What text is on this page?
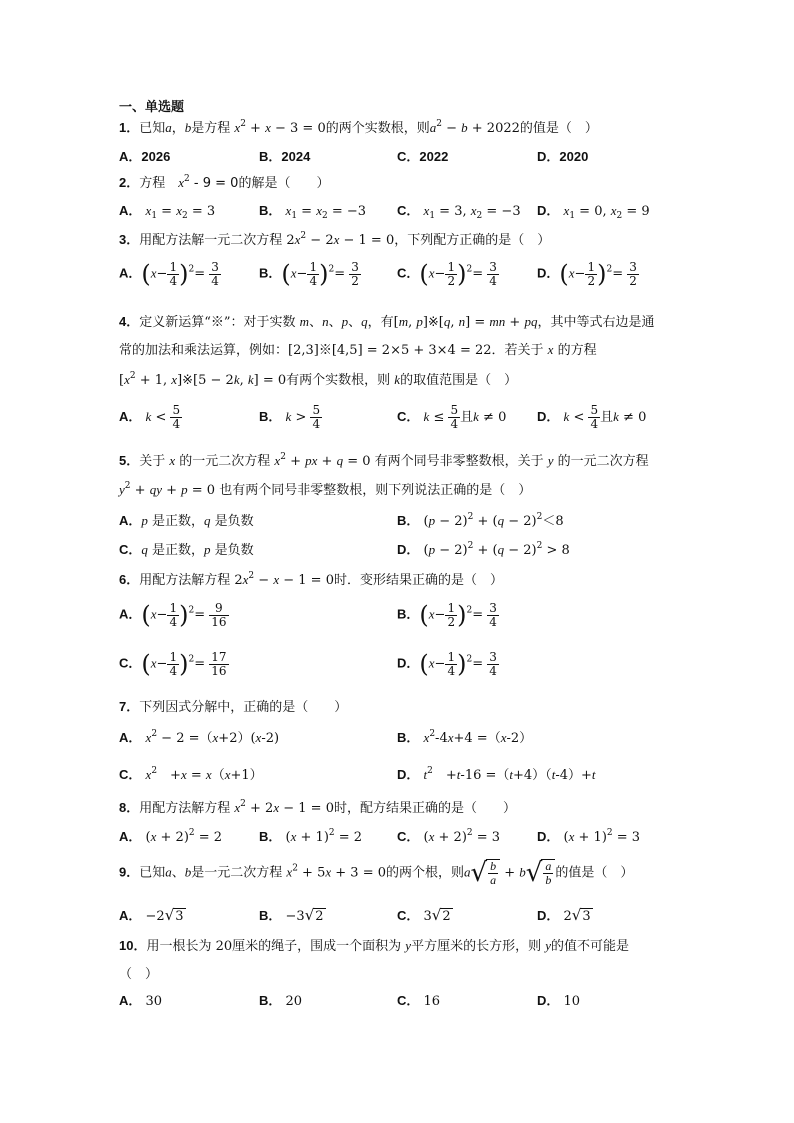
一、单选题
1．已知a，b是方程 $x^2 + x - 3 = 0$的两个实数根，则$a^2 - b + 2022$的值是（　）
A．2026	B．2024	C．2022	D．2020
2．方程　$x^2 - 9 = 0$的解是（　　）
A． $x_1 = x_2 = 3$	B． $x_1 = x_2 = -3$ C． $x_1 = 3$, $x_2 = -3$ D． $x_1 = 0$, $x_2 = 9$
3．用配方法解一元二次方程 $2x^2 - 2x - 1 = 0$，下列配方正确的是（　）
A．$(x- \frac{1}{4} )^2= \frac{3}{4}$	B．$(x- \frac{1}{4} )^2= \frac{3}{2}$	C．$(x- \frac{1}{2} )^2= \frac{3}{4}$	D．$(x- \frac{1}{2} )^2= \frac{3}{2}$
4．定义新运算“※”：对于实数 m、n、p、q，有[m, p]※[q, n] = mn + pq，其中等式右边是通
常的加法和乘法运算，例如：[2,3]※[4,5] = 2×5 + 3×4 = 22．若关于 x 的方程
[$x^2 + 1$, x]※[5 − 2k, k] = 0有两个实数根，则 k的取值范围是（　）
A． $k < \frac{5}{4}$	B． $k > \frac{5}{4}$	C． $k \le \frac{5}{4}$ 且k ≠ 0 D． $k < \frac{5}{4}$ 且k ≠ 0
5．关于 x 的一元二次方程 $x^2$ + px + q = 0 有两个同号非零整数根，关于 y 的一元二次方程
$y^2$ + qy + p = 0 也有两个同号非零整数根，则下列说法正确的是（　）
A．p 是正数，q 是负数	B． $(p - 2)^2 + (q - 2)^2<8$
C．q 是正数，p 是负数	D． $(p - 2)^2 + (q - 2)^2 > 8$
6．用配方法解方程 $2x^2 - x - 1 = 0$时．变形结果正确的是（　）
A．$(x- \frac{1}{4} )^2= \frac{9}{16}$	B．$(x- \frac{1}{2} )^2= \frac{3}{4}$
C．$(x- \frac{1}{4} )^2= \frac{17}{16}$	D．$(x- \frac{1}{4} )^2= \frac{3}{4}$
7．下列因式分解中，正确的是（　　）
A． $x^2 - 2 =(x+2)(x-2)$	B． $x^2-4x+4 =(x-2)$
C． $x^2$　+x = x（x+1）	D． $t^2$　+t-16 =（t+4）（t-4）+t
8．用配方法解方程 $x^2 + 2x - 1 = 0$时，配方结果正确的是（　　）
A． $(x + 2)^2 = 2$	B． $(x + 1)^2 = 2$	C． $(x + 2)^2 = 3$	D． $(x + 1)^2 = 3$
9．已知a、b是一元二次方程 $x^2 + 5x + 3 = 0$的两个根，则$a√ \frac{b}{a} + b√ \frac{a}{b}$ 的值是（　）
A． −2√3	B． −3√2	C． 3√2	D． 2√3
10．用一根长为 20厘米的绳子，围成一个面积为 y平方厘米的长方形，则 y的值不可能是
（　）
A． 30	B． 20	C． 16	D． 10
